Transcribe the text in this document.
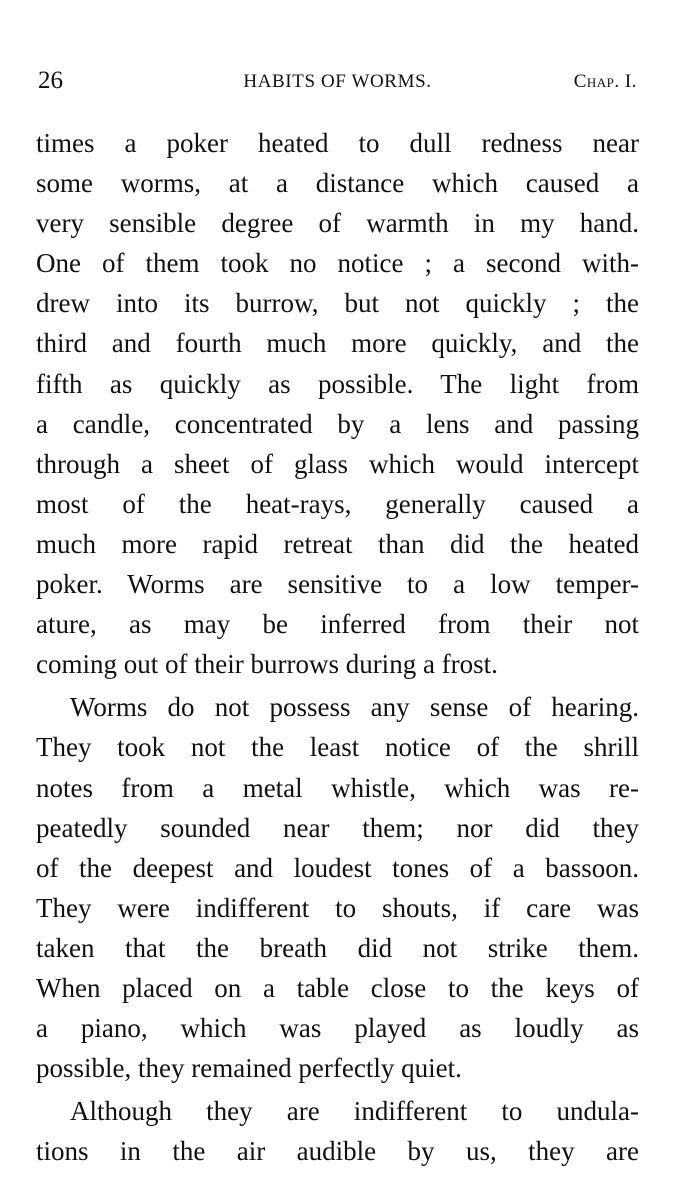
26	HABITS OF WORMS.	Chap. I.
times a poker heated to dull redness near
some worms, at a distance which caused a
very sensible degree of warmth in my hand.
One of them took no notice ; a second with-
drew into its burrow, but not quickly ; the
third and fourth much more quickly, and the
fifth as quickly as possible. The light from
a candle, concentrated by a lens and passing
through a sheet of glass which would intercept
most of the heat-rays, generally caused a
much more rapid retreat than did the heated
poker. Worms are sensitive to a low temper-
ature, as may be inferred from their not
coming out of their burrows during a frost.
Worms do not possess any sense of hearing.
They took not the least notice of the shrill
notes from a metal whistle, which was re-
peatedly sounded near them; nor did they
of the deepest and loudest tones of a bassoon.
They were indifferent to shouts, if care was
taken that the breath did not strike them.
When placed on a table close to the keys of
a piano, which was played as loudly as
possible, they remained perfectly quiet.
Although they are indifferent to undula-
tions in the air audible by us, they are
